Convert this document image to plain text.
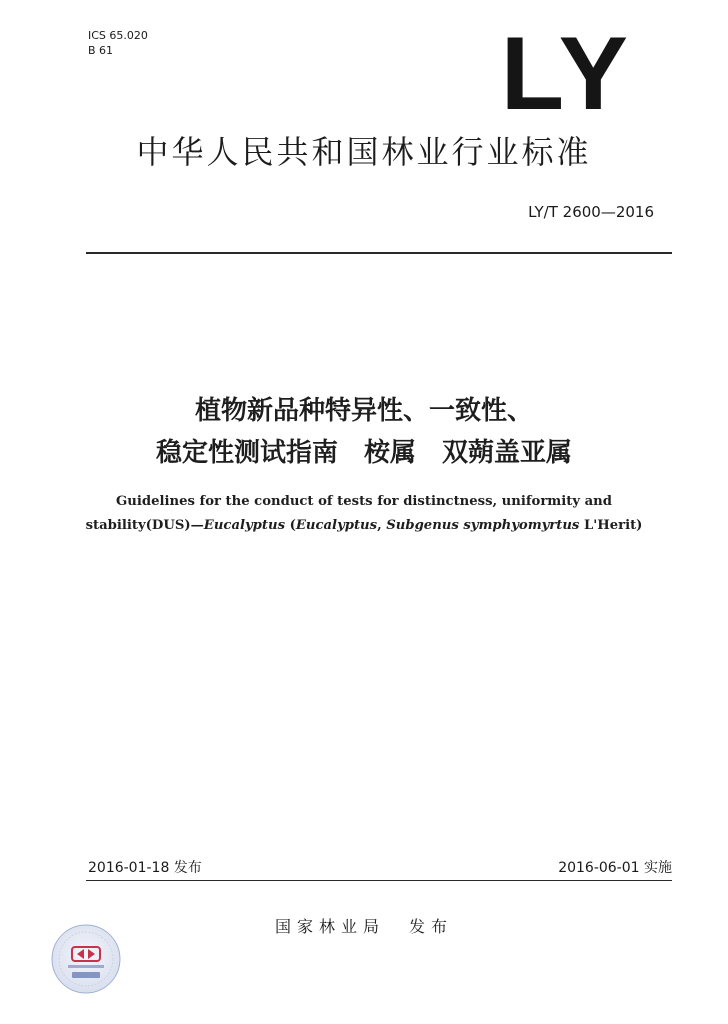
ICS 65.020
B 61	LY
中华人民共和国林业行业标准
LY/T 2600—2016
植物新品种特异性、一致性、
稳定性测试指南　桉属　双蒴盖亚属
Guidelines for the conduct of tests for distinctness, uniformity and
stability(DUS)—Eucalyptus (Eucalyptus, Subgenus symphyomyrtus L'Herit)
2016-01-18 发布	2016-06-01 实施
国家林业局 发布
